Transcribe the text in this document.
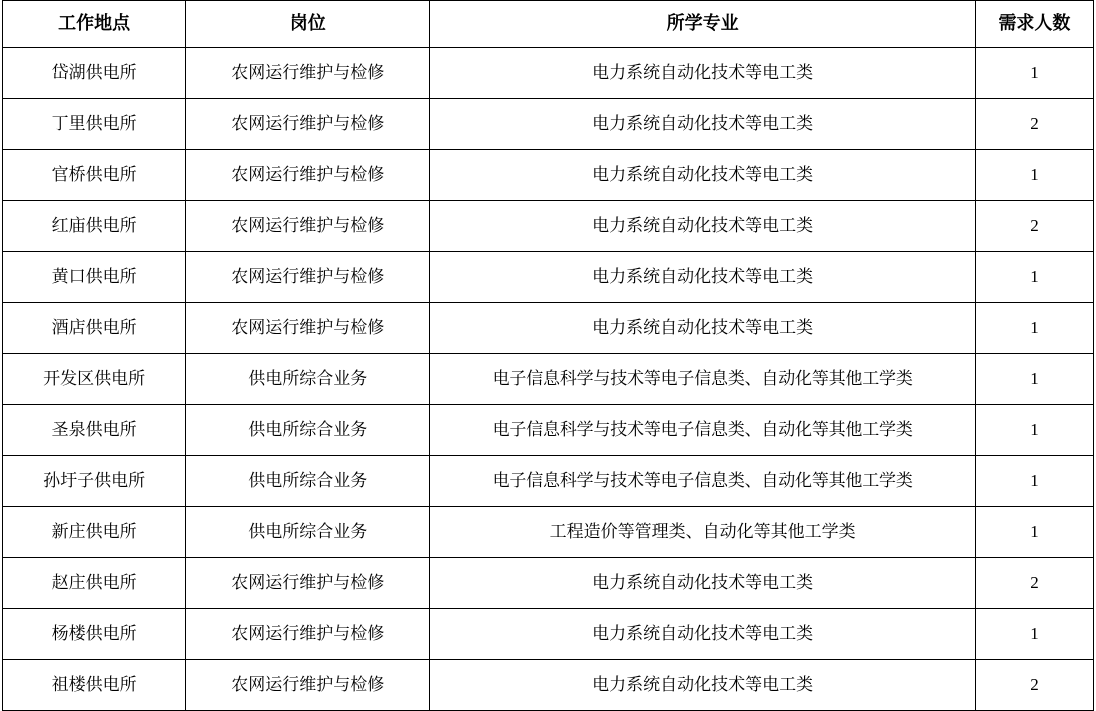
工作地点	岗位	所学专业	需求人数
岱湖供电所	农网运行维护与检修	电力系统自动化技术等电工类	1
丁里供电所	农网运行维护与检修	电力系统自动化技术等电工类	2
官桥供电所	农网运行维护与检修	电力系统自动化技术等电工类	1
红庙供电所	农网运行维护与检修	电力系统自动化技术等电工类	2
黄口供电所	农网运行维护与检修	电力系统自动化技术等电工类	1
酒店供电所	农网运行维护与检修	电力系统自动化技术等电工类	1
开发区供电所	供电所综合业务	电子信息科学与技术等电子信息类、自动化等其他工学类	1
圣泉供电所	供电所综合业务	电子信息科学与技术等电子信息类、自动化等其他工学类	1
孙圩子供电所	供电所综合业务	电子信息科学与技术等电子信息类、自动化等其他工学类	1
新庄供电所	供电所综合业务	工程造价等管理类、自动化等其他工学类	1
赵庄供电所	农网运行维护与检修	电力系统自动化技术等电工类	2
杨楼供电所	农网运行维护与检修	电力系统自动化技术等电工类	1
祖楼供电所	农网运行维护与检修	电力系统自动化技术等电工类	2
